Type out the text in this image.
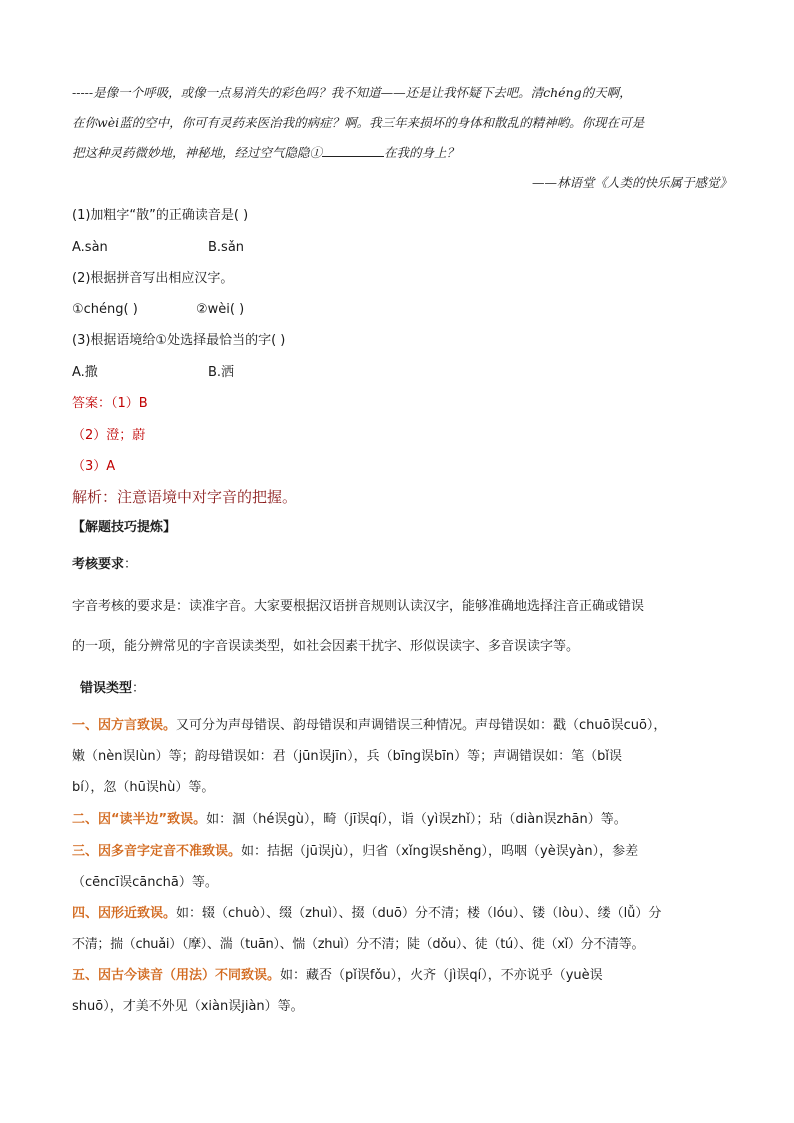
-----是像一个呼吸，或像一点易消失的彩色吗？我不知道——还是让我怀疑下去吧。清chéng的天啊，
在你wèi蓝的空中，你可有灵药来医治我的病症？啊。我三年来损坏的身体和散乱的精神哟。你现在可是
把这种灵药微妙地，神秘地，经过空气隐隐①	在我的身上？
——林语堂《人类的快乐属于感觉》
(1)加粗字“散”的正确读音是( )
A.sàn	B.sǎn
(2)根据拼音写出相应汉字。
①chéng( )	②wèi( )
(3)根据语境给①处选择最恰当的字( )
A.撒	B.洒
答案：（1）B
（2）澄；蔚
（3）A
解析：注意语境中对字音的把握。
【解题技巧提炼】
考核要求：
字音考核的要求是：读准字音。大家要根据汉语拼音规则认读汉字，能够准确地选择注音正确或错误
的一项，能分辨常见的字音误读类型，如社会因素干扰字、形似误读字、多音误读字等。
错误类型：
一、因方言致误。又可分为声母错误、韵母错误和声调错误三种情况。声母错误如：戳（chuō误cuō），
嫩（nèn误lùn）等；韵母错误如：君（jūn误jīn），兵（bīng误bīn）等；声调错误如：笔（bǐ误
bí），忽（hū误hù）等。
二、因“读半边”致误。如：涸（hé误gù），畸（jī误qí），诣（yì误zhǐ）；玷（diàn误zhān）等。
三、因多音字定音不准致误。如：拮据（jū误jù），归省（xǐng误shěng），呜咽（yè误yàn），参差
（cēncī误cānchā）等。
四、因形近致误。如：辍（chuò）、缀（zhuì）、掇（duō）分不清；楼（lóu）、镂（lòu）、缕（lǚ）分
不清；揣（chuǎi）（摩）、湍（tuān）、惴（zhuì）分不清；陡（dǒu）、徒（tú）、徙（xǐ）分不清等。
五、因古今读音（用法）不同致误。如：藏否（pǐ误fǒu），火齐（jì误qí），不亦说乎（yuè误
shuō），才美不外见（xiàn误jiàn）等。
